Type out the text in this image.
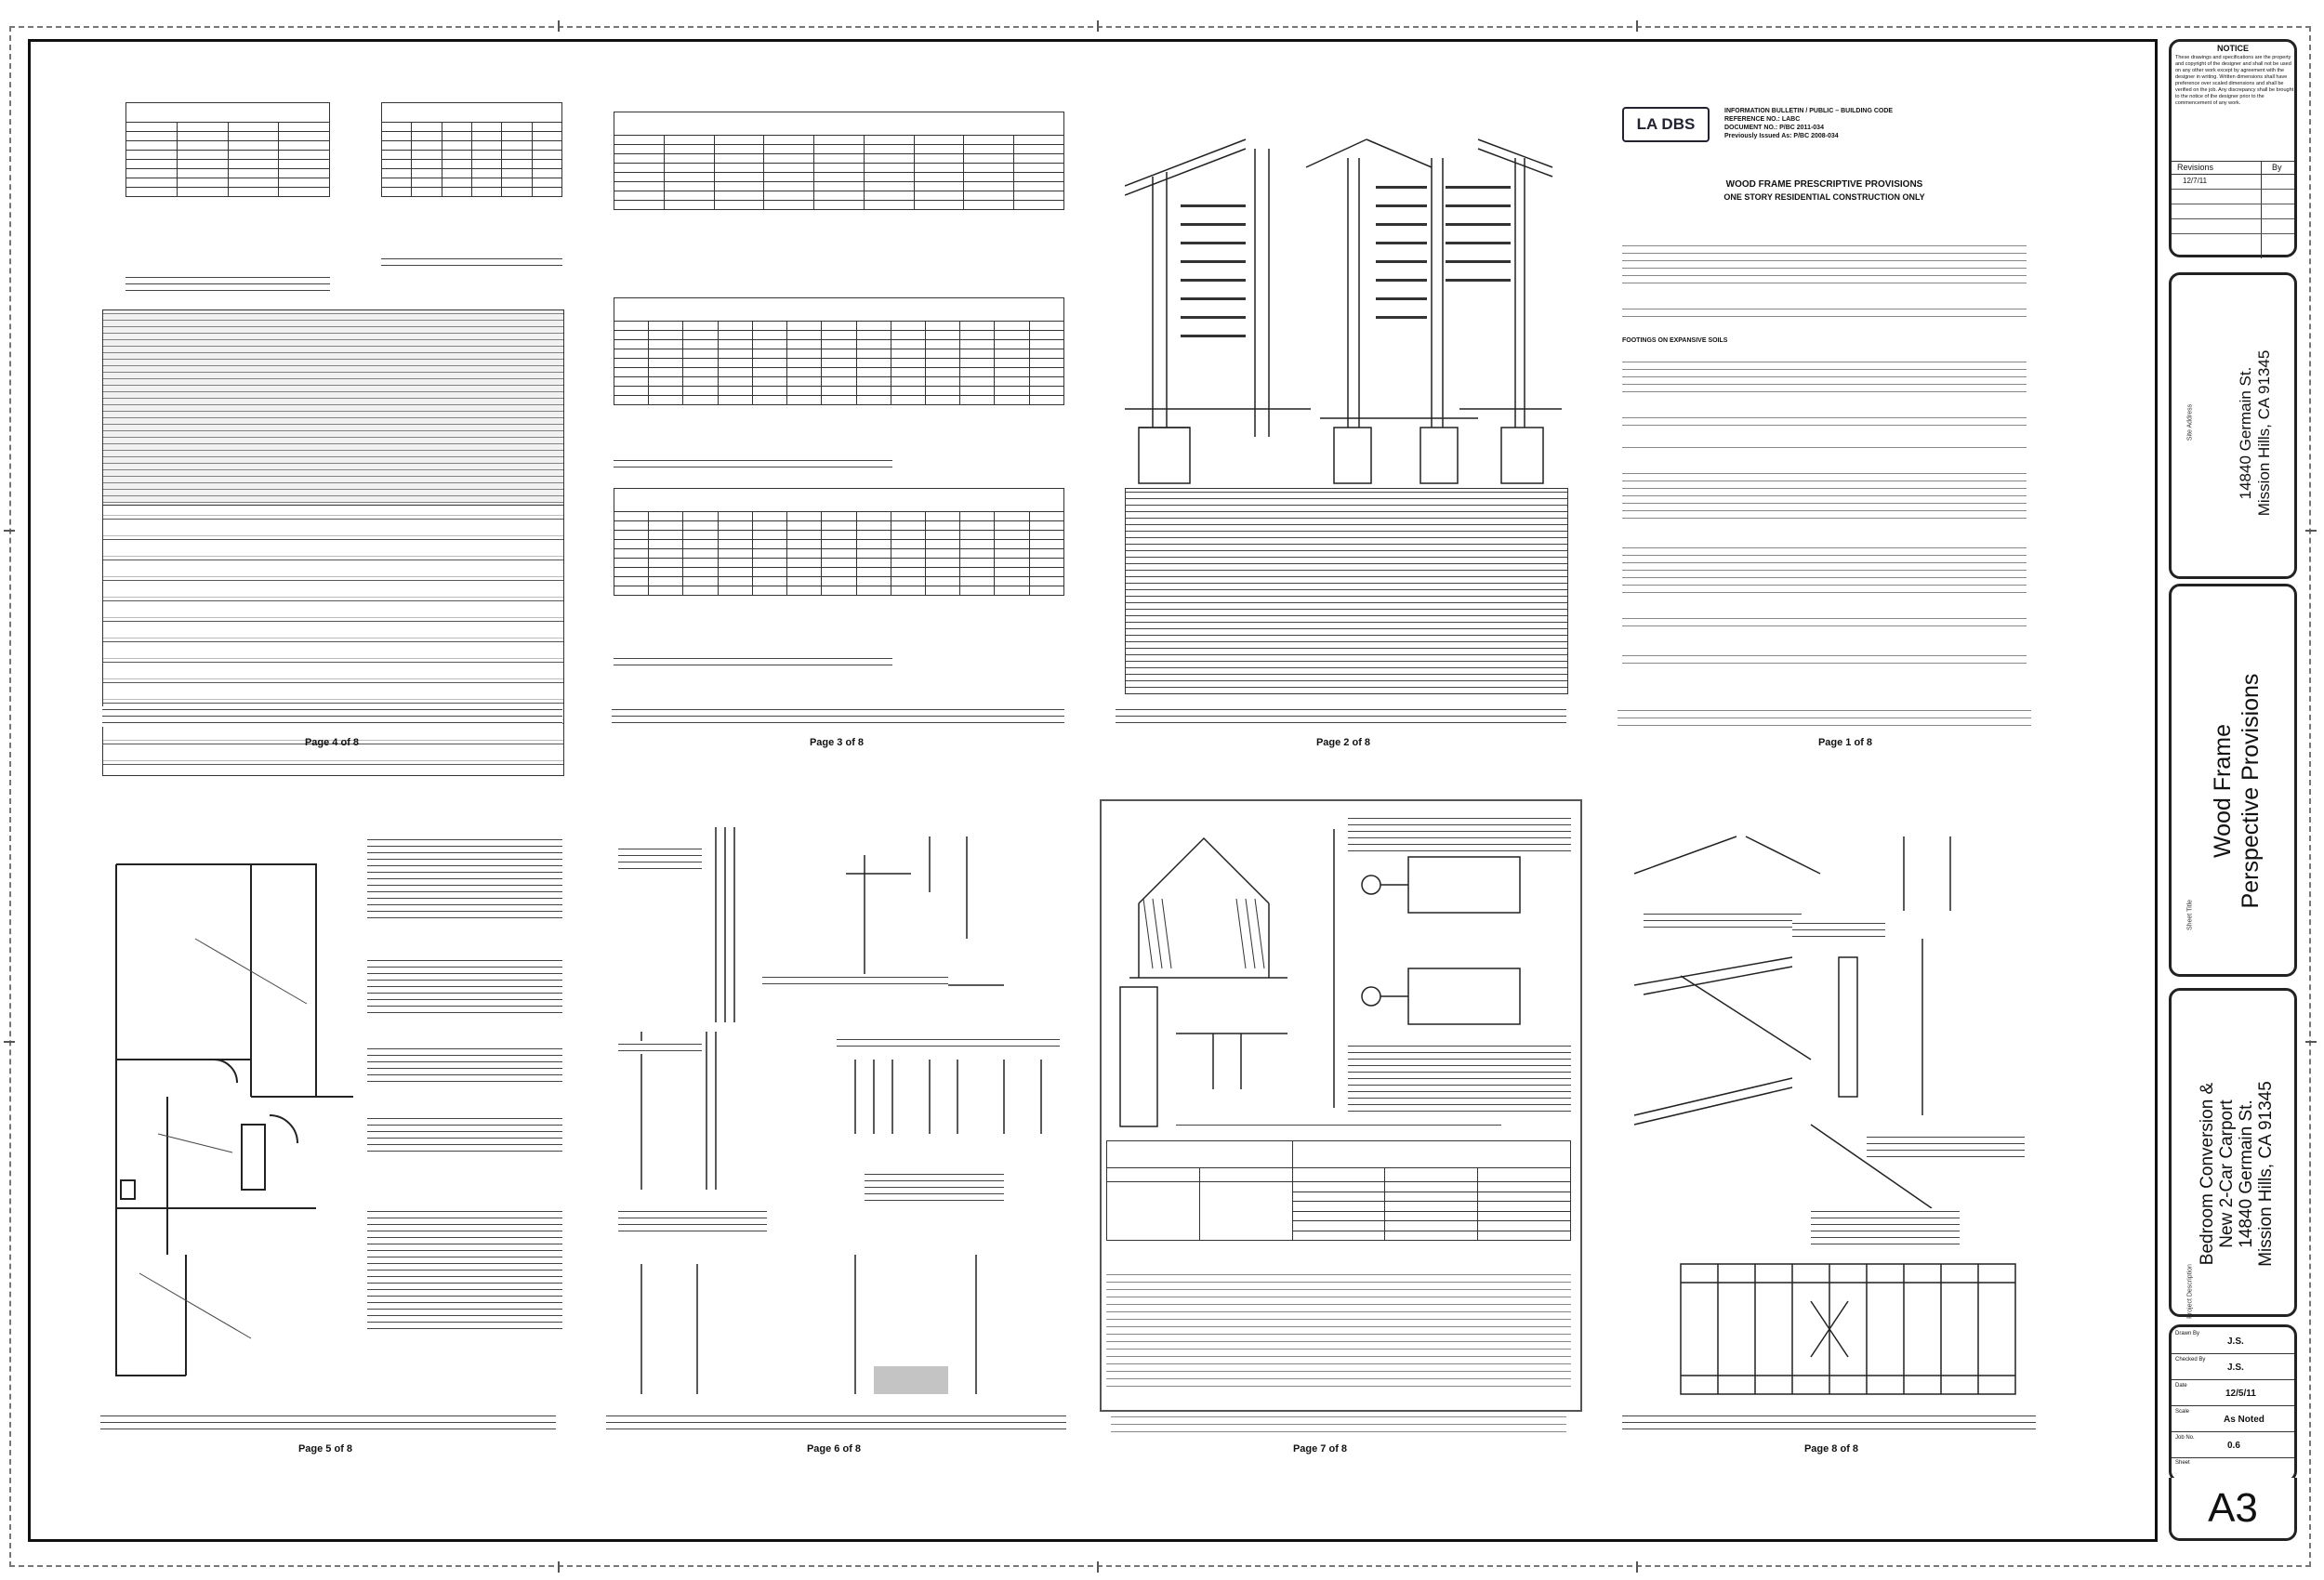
NOTICE
These drawings and specifications are the property and copyright of the designer and shall not be used on any other work except by agreement with the designer in writing. Written dimensions shall have preference over scaled dimensions and shall be verified on the job. Any discrepancy shall be brought to the notice of the designer prior to the commencement of any work.
Revisions	By
12/7/11
Site Address	14840 Germain St. Mission Hills, CA 91345
Sheet Title
Wood Frame Perspective Provisions
Project Description
Bedroom Conversion & New 2-Car Carport 14840 Germain St. Mission Hills, CA 91345
Drawn By
J.S.
Checked By
J.S.
Date
12/5/11
Scale
As Noted
Job No.
0.6
Sheet
A3

Page 4 of 8

													Page 3 of 8	Page 2 of 8
LA DBS
INFORMATION BULLETIN / PUBLIC – BUILDING CODE
REFERENCE NO.: LABC
DOCUMENT NO.: P/BC 2011-034
Previously Issued As: P/BC 2008-034
WOOD FRAME PRESCRIPTIVE PROVISIONS
ONE STORY RESIDENTIAL CONSTRUCTION ONLY
FOOTINGS ON EXPANSIVE SOILS
Page 1 of 8
Page 5 of 8	Page 6 of 8

			Page 7 of 8	Page 8 of 8
